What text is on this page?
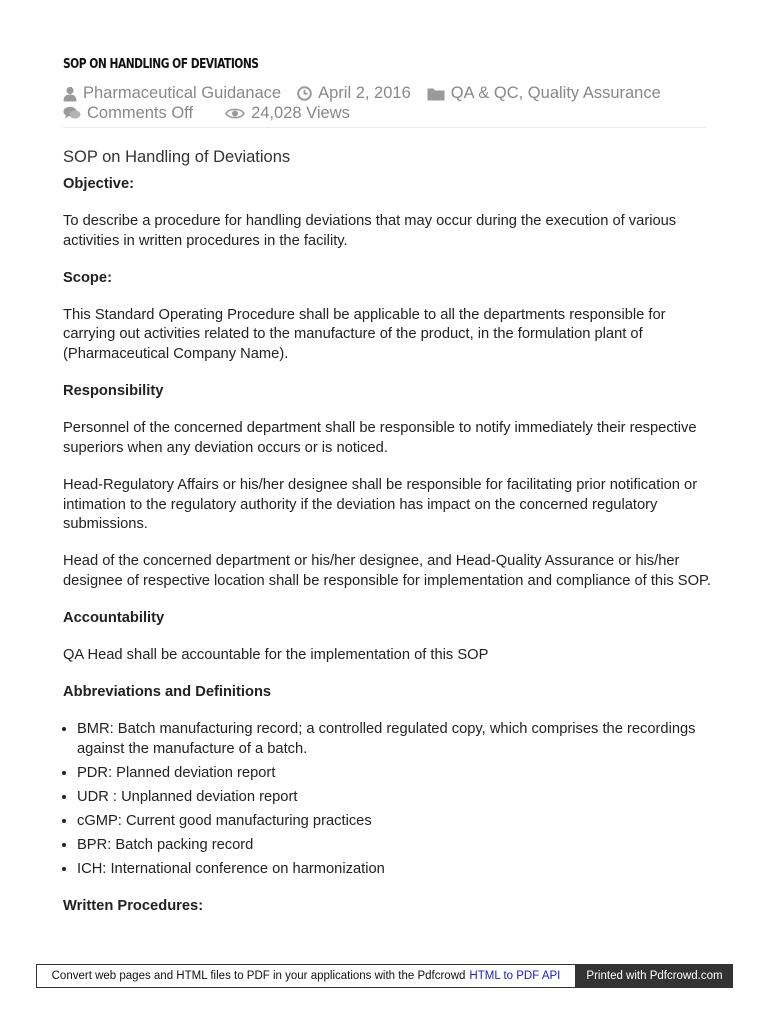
SOP ON HANDLING OF DEVIATIONS
Pharmaceutical Guidanace April 2, 2016 QA & QC, Quality Assurance
Comments Off	24,028 Views
SOP on Handling of Deviations
Objective:

To describe a procedure for handling deviations that may occur during the execution of various activities in written procedures in the facility.

Scope:

This Standard Operating Procedure shall be applicable to all the departments responsible for carrying out activities related to the manufacture of the product, in the formulation plant of (Pharmaceutical Company Name).

Responsibility

Personnel of the concerned department shall be responsible to notify immediately their respective superiors when any deviation occurs or is noticed.

Head-Regulatory Affairs or his/her designee shall be responsible for facilitating prior notification or intimation to the regulatory authority if the deviation has impact on the concerned regulatory submissions.

Head of the concerned department or his/her designee, and Head-Quality Assurance or his/her designee of respective location shall be responsible for implementation and compliance of this SOP.

Accountability

QA Head shall be accountable for the implementation of this SOP

Abbreviations and Definitions
• BMR: Batch manufacturing record; a controlled regulated copy, which comprises the recordings against the manufacture of a batch.
• PDR: Planned deviation report
• UDR : Unplanned deviation report
• cGMP: Current good manufacturing practices
• BPR: Batch packing record
• ICH: International conference on harmonization
Written Procedures:
Convert web pages and HTML files to PDF in your applications with the Pdfcrowd HTML to PDF API	Printed with Pdfcrowd.com
